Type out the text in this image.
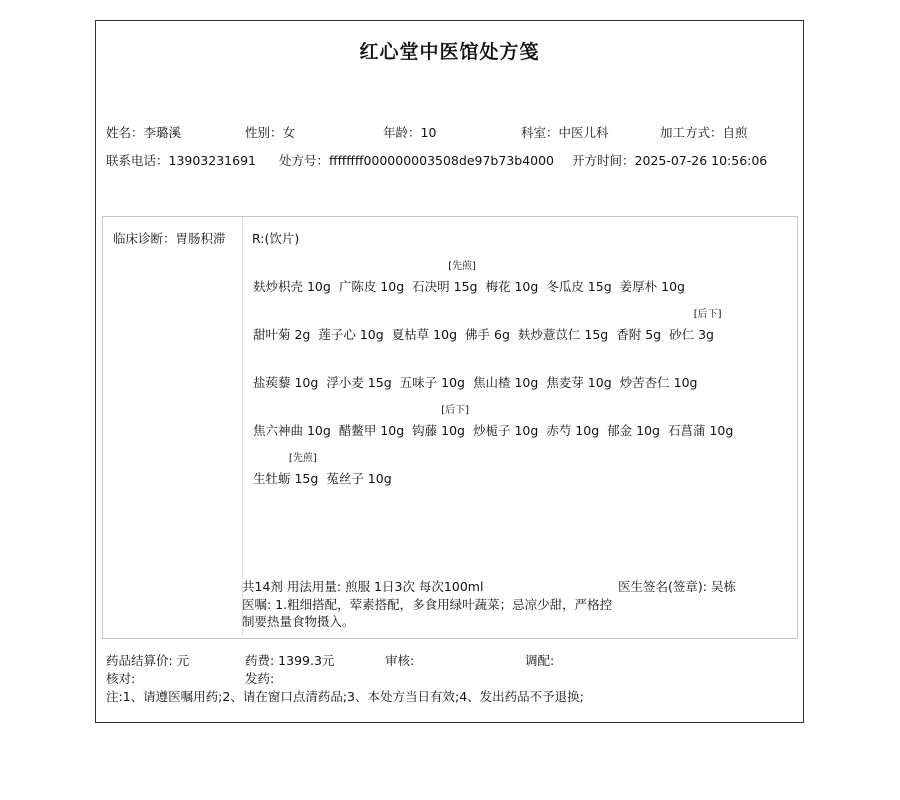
红心堂中医馆处方笺
姓名：李璐溪	性别：女	年龄：10	科室：中医儿科	加工方式：自煎
联系电话：13903231691 处方号：ffffffff000000003508de97b73b4000 开方时间：2025-07-26 10:56:06
临床诊断：胃肠积滞 R:(饮片)
麸炒枳壳 10g 广陈皮 10g 石决明 15g
[先煎]
梅花 10g 冬瓜皮 15g 姜厚朴 10g
甜叶菊 2g 莲子心 10g 夏枯草 10g 佛手 6g 麸炒薏苡仁 15g 香附 5g 砂仁 3g
[后下]
盐蒺藜 10g 浮小麦 15g 五味子 10g 焦山楂 10g 焦麦芽 10g 炒苦杏仁 10g
焦六神曲 10g 醋鳖甲 10g 钩藤 10g
[后下]
炒栀子 10g 赤芍 10g 郁金 10g 石菖蒲 10g
生牡蛎 15g
[先煎]
菟丝子 10g
共14剂 用法用量: 煎服 1日3次 每次100ml	医生签名(签章): 吴栋
医嘱: 1.粗细搭配，荤素搭配，多食用绿叶蔬菜；忌凉少甜，严格控制要热量食物摄入。
药品结算价: 元	药费: 1399.3元	审核:	调配:
核对:	发药:
注:1、请遵医嘱用药;2、请在窗口点清药品;3、本处方当日有效;4、发出药品不予退换;
